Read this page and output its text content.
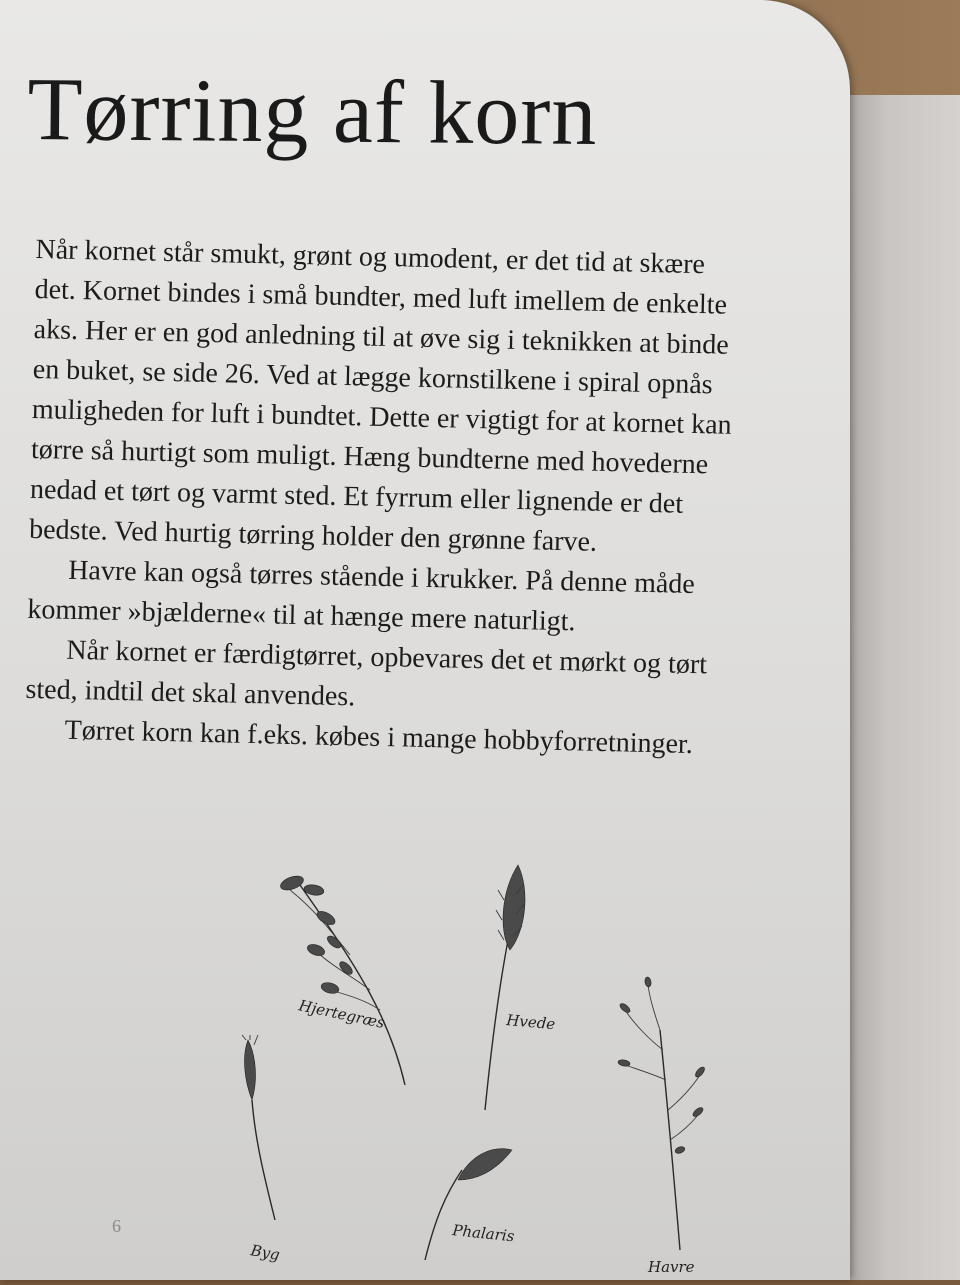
Tørring af korn

Når kornet står smukt, grønt og umodent, er det tid at skære

det. Kornet bindes i små bundter, med luft imellem de enkelte

aks. Her er en god anledning til at øve sig i teknikken at binde

en buket, se side 26. Ved at lægge kornstilkene i spiral opnås

muligheden for luft i bundtet. Dette er vigtigt for at kornet kan

tørre så hurtigt som muligt. Hæng bundterne med hovederne

nedad et tørt og varmt sted. Et fyrrum eller lignende er det

bedste. Ved hurtig tørring holder den grønne farve.

Havre kan også tørres stående i krukker. På denne måde

kommer »bjælderne« til at hænge mere naturligt.

Når kornet er færdigtørret, opbevares det et mørkt og tørt

sted, indtil det skal anvendes.

Tørret korn kan f.eks. købes i mange hobbyforretninger.

Hjertegræs	Hvede
Byg
Phalaris
Havre
6
